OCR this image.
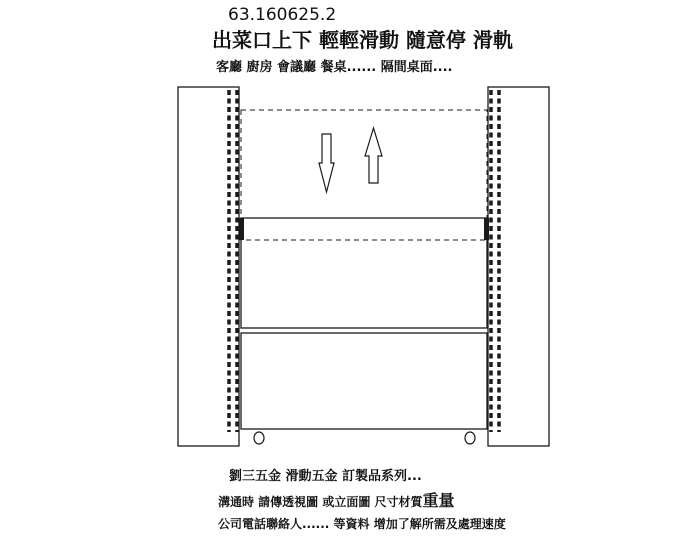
63.160625.2
出菜口上下 輕輕滑動 隨意停 滑軌
客廳 廚房 會議廳 餐桌...... 隔間桌面....
劉三五金 滑動五金 訂製品系列...
溝通時 請傳透視圖 或立面圖 尺寸材質重量
公司電話聯絡人...... 等資料 增加了解所需及處理速度
